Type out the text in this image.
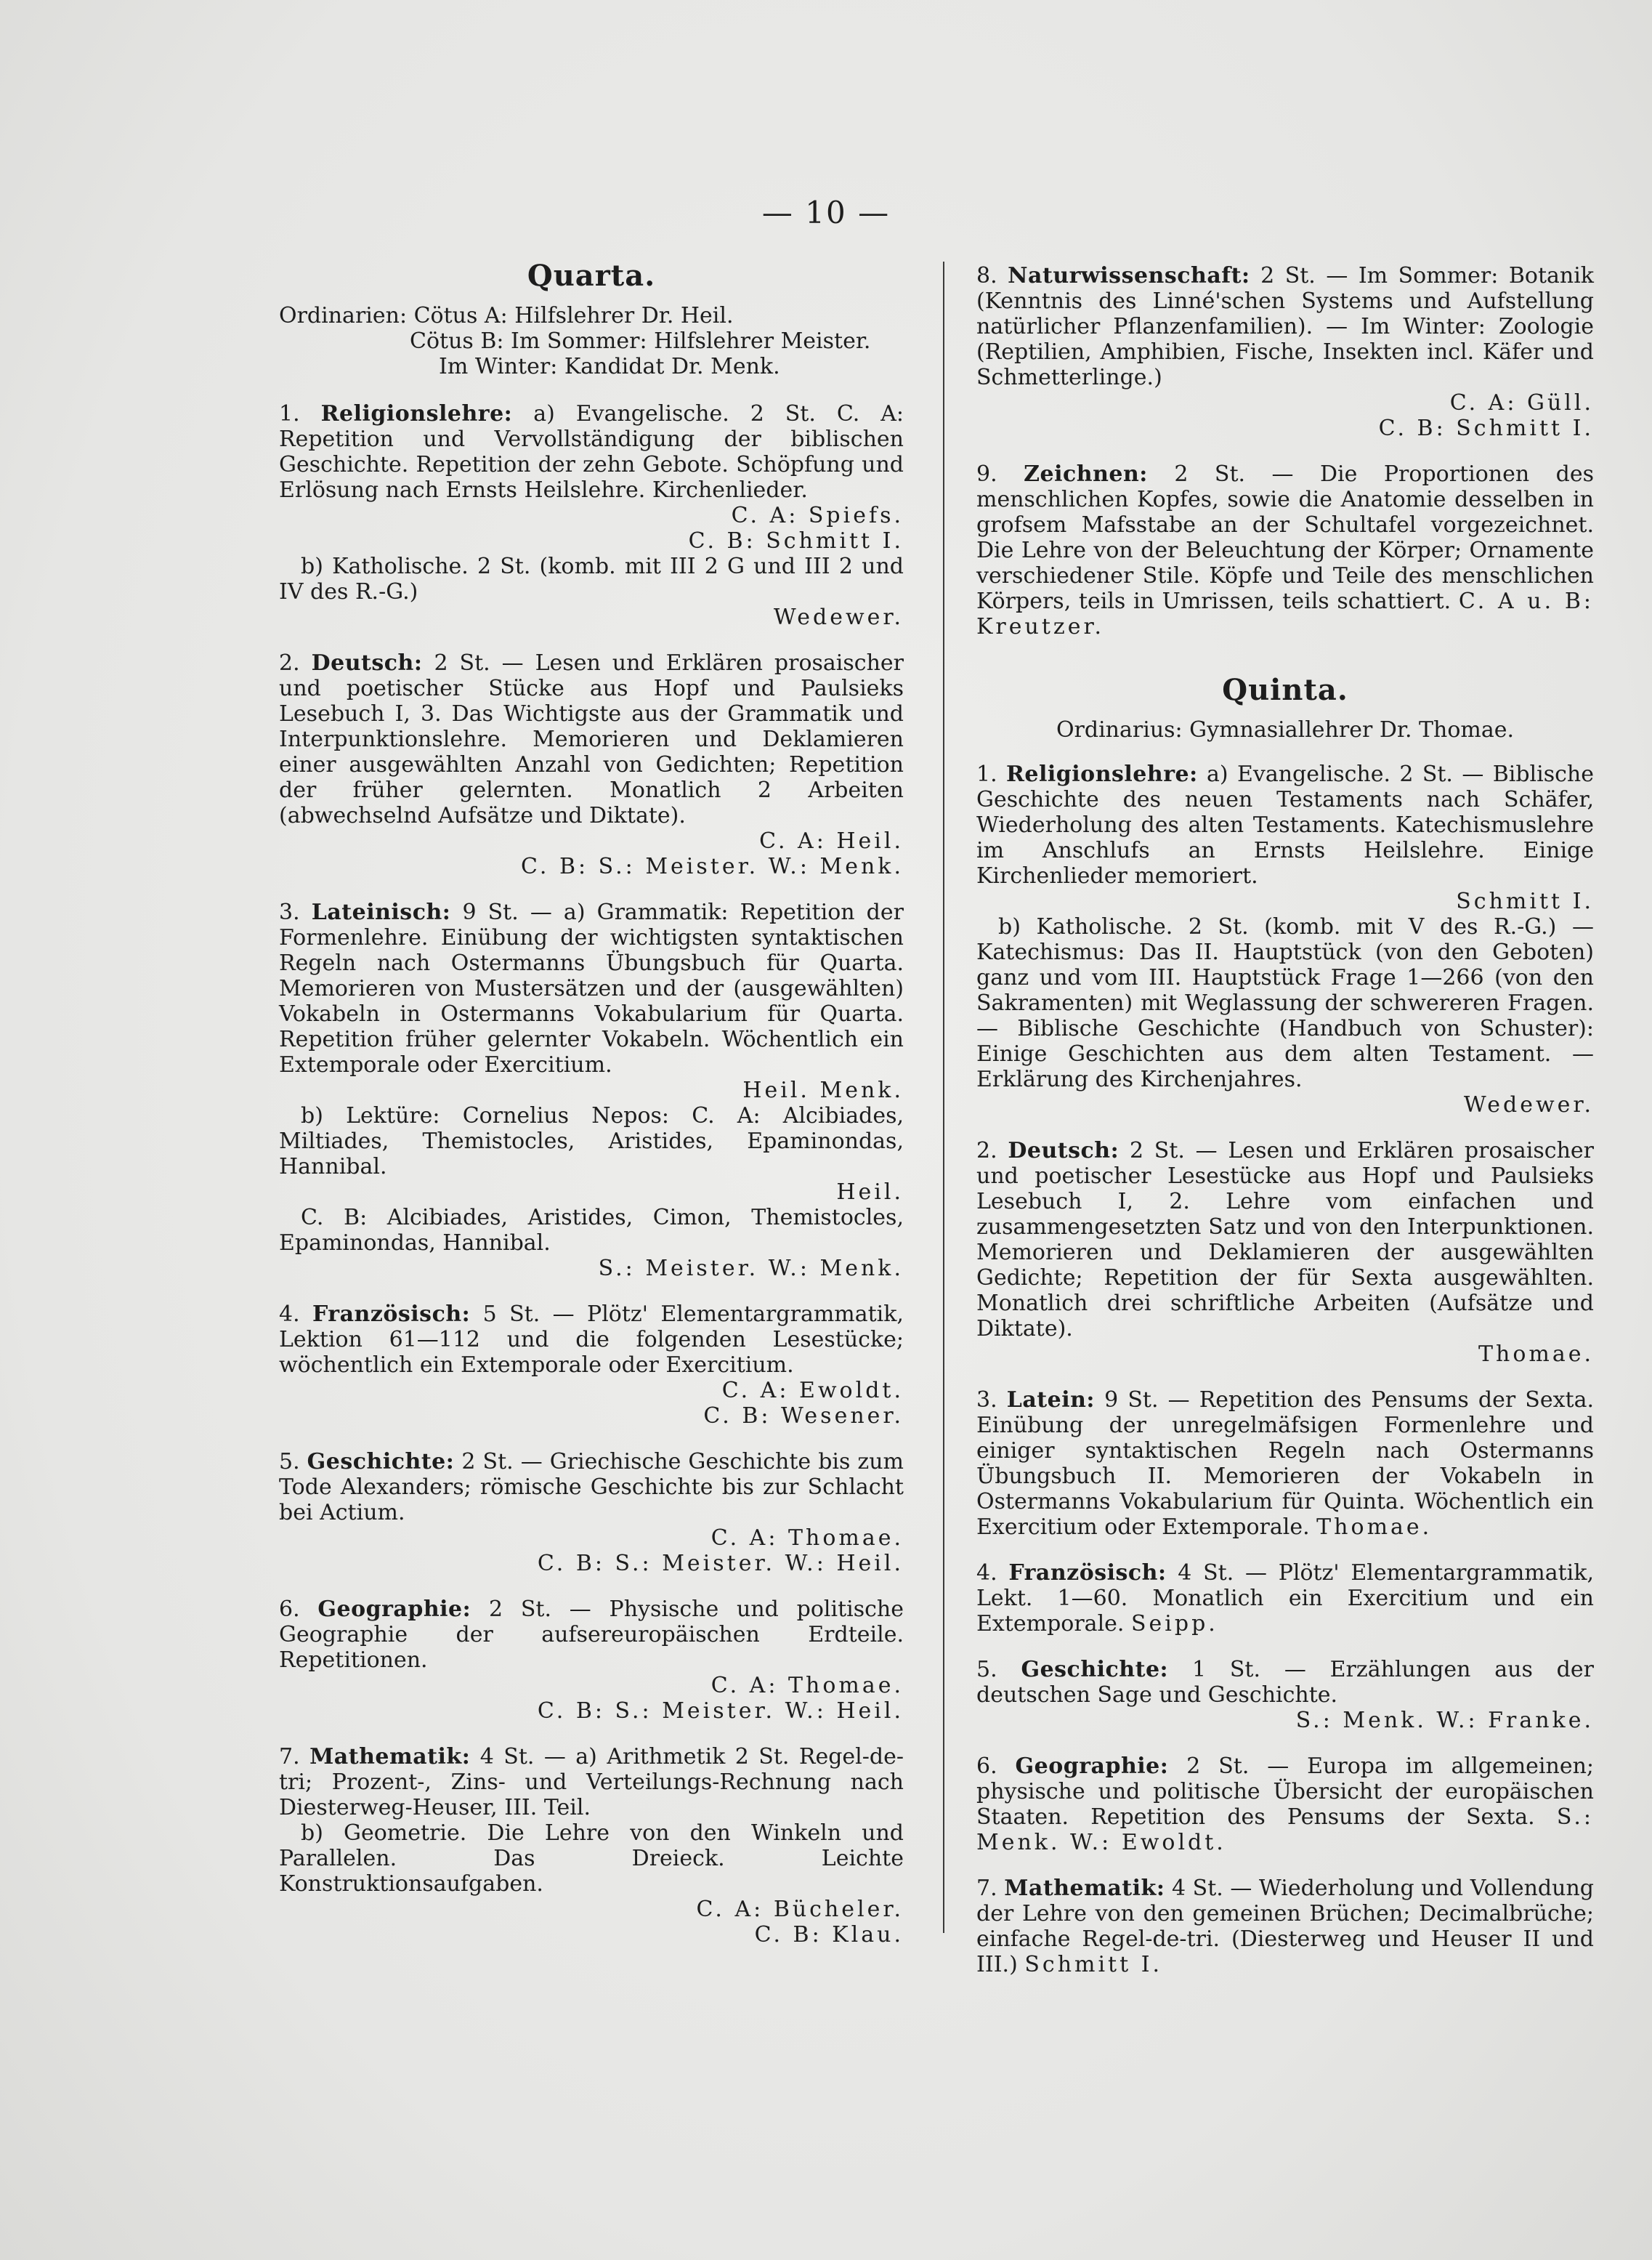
— 10 —
Quarta.

Ordinarien: Cötus A: Hilfslehrer Dr. Heil.

Cötus B: Im Sommer: Hilfslehrer Meister.

Im Winter: Kandidat Dr. Menk.

1. Religionslehre: a) Evangelische. 2 St. C. A: Repetition und Vervollständigung der biblischen Geschichte. Repetition der zehn Gebote. Schöpfung und Erlösung nach Ernsts Heilslehre. Kirchenlieder.

C. A: Spiefs.

C. B: Schmitt I.

b) Katholische. 2 St. (komb. mit III 2 G und III 2 und IV des R.-G.)

Wedewer.

2. Deutsch: 2 St. — Lesen und Erklären prosaischer und poetischer Stücke aus Hopf und Paulsieks Lesebuch I, 3. Das Wichtigste aus der Grammatik und Interpunktionslehre. Memorieren und Deklamieren einer ausgewählten Anzahl von Gedichten; Repetition der früher gelernten. Monatlich 2 Arbeiten (abwechselnd Aufsätze und Diktate).

C. A: Heil.

C. B: S.: Meister. W.: Menk.

3. Lateinisch: 9 St. — a) Grammatik: Repetition der Formenlehre. Einübung der wichtigsten syntaktischen Regeln nach Ostermanns Übungsbuch für Quarta. Memorieren von Mustersätzen und der (ausgewählten) Vokabeln in Ostermanns Vokabularium für Quarta. Repetition früher gelernter Vokabeln. Wöchentlich ein Extemporale oder Exercitium.

Heil. Menk.

b) Lektüre: Cornelius Nepos: C. A: Alcibiades, Miltiades, Themistocles, Aristides, Epaminondas, Hannibal.

Heil.

C. B: Alcibiades, Aristides, Cimon, Themistocles, Epaminondas, Hannibal.

S.: Meister. W.: Menk.

4. Französisch: 5 St. — Plötz' Elementargrammatik, Lektion 61—112 und die folgenden Lesestücke; wöchentlich ein Extemporale oder Exercitium.

C. A: Ewoldt.

C. B: Wesener.

5. Geschichte: 2 St. — Griechische Geschichte bis zum Tode Alexanders; römische Geschichte bis zur Schlacht bei Actium.

C. A: Thomae.

C. B: S.: Meister. W.: Heil.

6. Geographie: 2 St. — Physische und politische Geographie der aufsereuropäischen Erdteile. Repetitionen.

C. A: Thomae.

C. B: S.: Meister. W.: Heil.

7. Mathematik: 4 St. — a) Arithmetik 2 St. Regel-de-tri; Prozent-, Zins- und Verteilungs-Rechnung nach Diesterweg-Heuser, III. Teil.

b) Geometrie. Die Lehre von den Winkeln und Parallelen. Das Dreieck. Leichte Konstruktionsaufgaben.

C. A: Bücheler.

C. B: Klau.

8. Naturwissenschaft: 2 St. — Im Sommer: Botanik (Kenntnis des Linné'schen Systems und Aufstellung natürlicher Pflanzenfamilien). — Im Winter: Zoologie (Reptilien, Amphibien, Fische, Insekten incl. Käfer und Schmetterlinge.)

C. A: Güll.

C. B: Schmitt I.

9. Zeichnen: 2 St. — Die Proportionen des menschlichen Kopfes, sowie die Anatomie desselben in grofsem Mafsstabe an der Schultafel vorgezeichnet. Die Lehre von der Beleuchtung der Körper; Ornamente verschiedener Stile. Köpfe und Teile des menschlichen Körpers, teils in Umrissen, teils schattiert. C. A u. B: Kreutzer.

Quinta.
Ordinarius: Gymnasiallehrer Dr. Thomae.

1. Religionslehre: a) Evangelische. 2 St. — Biblische Geschichte des neuen Testaments nach Schäfer, Wiederholung des alten Testaments. Katechismuslehre im Anschlufs an Ernsts Heilslehre. Einige Kirchenlieder memoriert.

Schmitt I.

b) Katholische. 2 St. (komb. mit V des R.-G.) — Katechismus: Das II. Hauptstück (von den Geboten) ganz und vom III. Hauptstück Frage 1—266 (von den Sakramenten) mit Weglassung der schwereren Fragen. — Biblische Geschichte (Handbuch von Schuster): Einige Geschichten aus dem alten Testament. — Erklärung des Kirchenjahres.

Wedewer.

2. Deutsch: 2 St. — Lesen und Erklären prosaischer und poetischer Lesestücke aus Hopf und Paulsieks Lesebuch I, 2. Lehre vom einfachen und zusammengesetzten Satz und von den Interpunktionen. Memorieren und Deklamieren der ausgewählten Gedichte; Repetition der für Sexta ausgewählten. Monatlich drei schriftliche Arbeiten (Aufsätze und Diktate).

Thomae.

3. Latein: 9 St. — Repetition des Pensums der Sexta. Einübung der unregelmäfsigen Formenlehre und einiger syntaktischen Regeln nach Ostermanns Übungsbuch II. Memorieren der Vokabeln in Ostermanns Vokabularium für Quinta. Wöchentlich ein Exercitium oder Extemporale. Thomae.

4. Französisch: 4 St. — Plötz' Elementargrammatik, Lekt. 1—60. Monatlich ein Exercitium und ein Extemporale. Seipp.

5. Geschichte: 1 St. — Erzählungen aus der deutschen Sage und Geschichte.

S.: Menk. W.: Franke.

6. Geographie: 2 St. — Europa im allgemeinen; physische und politische Übersicht der europäischen Staaten. Repetition des Pensums der Sexta. S.: Menk. W.: Ewoldt.

7. Mathematik: 4 St. — Wiederholung und Vollendung der Lehre von den gemeinen Brüchen; Decimalbrüche; einfache Regel-de-tri. (Diesterweg und Heuser II und III.) Schmitt I.
